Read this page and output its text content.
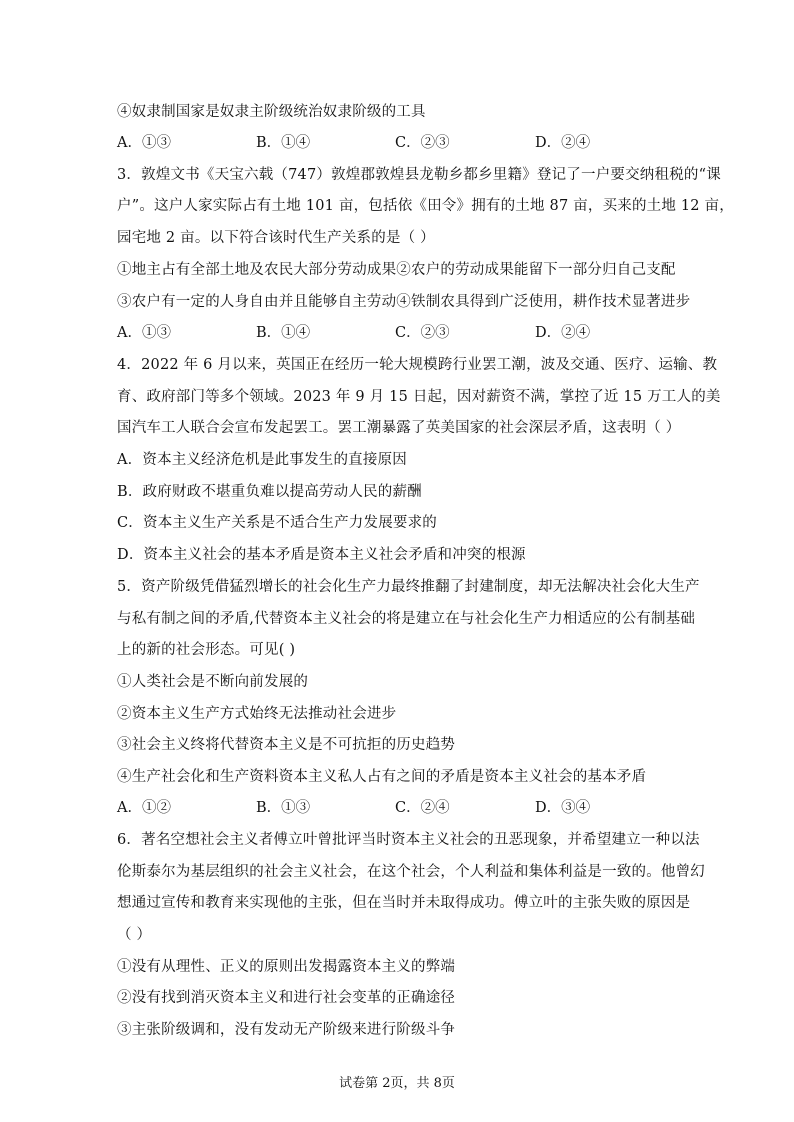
④奴隶制国家是奴隶主阶级统治奴隶阶级的工具
A．①③	B．①④	C．②③	D．②④
3．敦煌文书《天宝六载（747）敦煌郡敦煌县龙勒乡都乡里籍》登记了一户要交纳租税的“课
户”。这户人家实际占有土地 101 亩，包括依《田令》拥有的土地 87 亩，买来的土地 12 亩，
园宅地 2 亩。以下符合该时代生产关系的是（ ）
①地主占有全部土地及农民大部分劳动成果②农户的劳动成果能留下一部分归自己支配
③农户有一定的人身自由并且能够自主劳动④铁制农具得到广泛使用，耕作技术显著进步
A．①③	B．①④	C．②③	D．②④
4．2022 年 6 月以来，英国正在经历一轮大规模跨行业罢工潮，波及交通、医疗、运输、教
育、政府部门等多个领域。2023 年 9 月 15 日起，因对薪资不满，掌控了近 15 万工人的美
国汽车工人联合会宣布发起罢工。罢工潮暴露了英美国家的社会深层矛盾，这表明（ ）
A．资本主义经济危机是此事发生的直接原因
B．政府财政不堪重负难以提高劳动人民的薪酬
C．资本主义生产关系是不适合生产力发展要求的
D．资本主义社会的基本矛盾是资本主义社会矛盾和冲突的根源
5．资产阶级凭借猛烈增长的社会化生产力最终推翻了封建制度，却无法解决社会化大生产
与私有制之间的矛盾,代替资本主义社会的将是建立在与社会化生产力相适应的公有制基础
上的新的社会形态。可见( )
①人类社会是不断向前发展的
②资本主义生产方式始终无法推动社会进步
③社会主义终将代替资本主义是不可抗拒的历史趋势
④生产社会化和生产资料资本主义私人占有之间的矛盾是资本主义社会的基本矛盾
A．①②	B．①③	C．②④	D．③④
6．著名空想社会主义者傅立叶曾批评当时资本主义社会的丑恶现象，并希望建立一种以法
伦斯泰尔为基层组织的社会主义社会，在这个社会，个人利益和集体利益是一致的。他曾幻
想通过宣传和教育来实现他的主张，但在当时并未取得成功。傅立叶的主张失败的原因是
（ ）
①没有从理性、正义的原则出发揭露资本主义的弊端
②没有找到消灭资本主义和进行社会变革的正确途径
③主张阶级调和，没有发动无产阶级来进行阶级斗争
试卷第 2页，共 8页
